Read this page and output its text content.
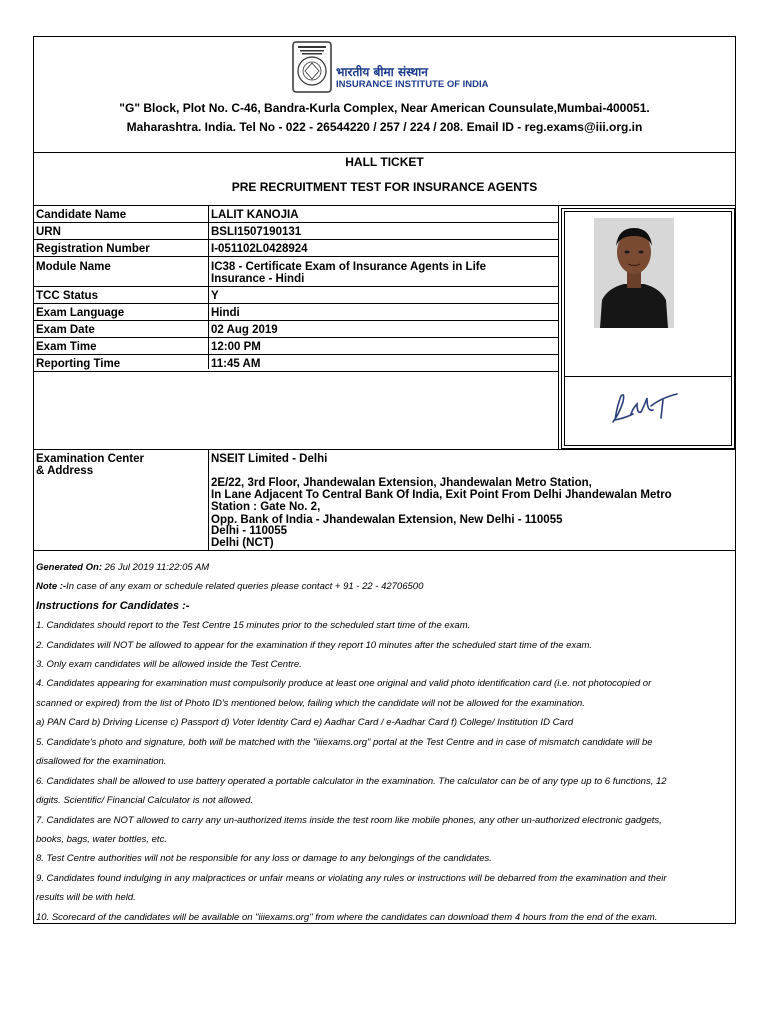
भारतीय बीमा संस्थान
INSURANCE INSTITUTE OF INDIA
"G" Block, Plot No. C-46, Bandra-Kurla Complex, Near American Counsulate,Mumbai-400051.
Maharashtra. India. Tel No - 022 - 26544220 / 257 / 224 / 208. Email ID - reg.exams@iii.org.in
HALL TICKET
PRE RECRUITMENT TEST FOR INSURANCE AGENTS
Candidate Name	LALIT KANOJIA
URN	BSLI1507190131
Registration Number	I-051102L0428924
Module Name	IC38 - Certificate Exam of Insurance Agents in Life
Insurance - Hindi
TCC Status	Y
Exam Language	Hindi
Exam Date	02 Aug 2019
Exam Time	12:00 PM
Reporting Time	11:45 AM
Examination Center
& Address
NSEIT Limited - Delhi
2E/22, 3rd Floor, Jhandewalan Extension, Jhandewalan Metro Station,
In Lane Adjacent To Central Bank Of India, Exit Point From Delhi Jhandewalan Metro
Station : Gate No. 2,
Opp. Bank of India - Jhandewalan Extension, New Delhi - 110055
Delhi - 110055
Delhi (NCT)
Generated On: 26 Jul 2019 11:22:05 AM
Note :-In case of any exam or schedule related queries please contact + 91 - 22 - 42706500
Instructions for Candidates :-
1. Candidates should report to the Test Centre 15 minutes prior to the scheduled start time of the exam.
2. Candidates will NOT be allowed to appear for the examination if they report 10 minutes after the scheduled start time of the exam.
3. Only exam candidates will be allowed inside the Test Centre.
4. Candidates appearing for examination must compulsorily produce at least one original and valid photo identification card (i.e. not photocopied or
scanned or expired) from the list of Photo ID's mentioned below, failing which the candidate will not be allowed for the examination.
a) PAN Card b) Driving License c) Passport d) Voter Identity Card e) Aadhar Card / e-Aadhar Card f) College/ Institution ID Card
5. Candidate's photo and signature, both will be matched with the "iiiexams.org" portal at the Test Centre and in case of mismatch candidate will be
disallowed for the examination.
6. Candidates shall be allowed to use battery operated a portable calculator in the examination. The calculator can be of any type up to 6 functions, 12
digits. Scientific/ Financial Calculator is not allowed.
7. Candidates are NOT allowed to carry any un-authorized items inside the test room like mobile phones, any other un-authorized electronic gadgets,
books, bags, water bottles, etc.
8. Test Centre authorities will not be responsible for any loss or damage to any belongings of the candidates.
9. Candidates found indulging in any malpractices or unfair means or violating any rules or instructions will be debarred from the examination and their
results will be with held.
10. Scorecard of the candidates will be available on "iiiexams.org" from where the candidates can download them 4 hours from the end of the exam.
